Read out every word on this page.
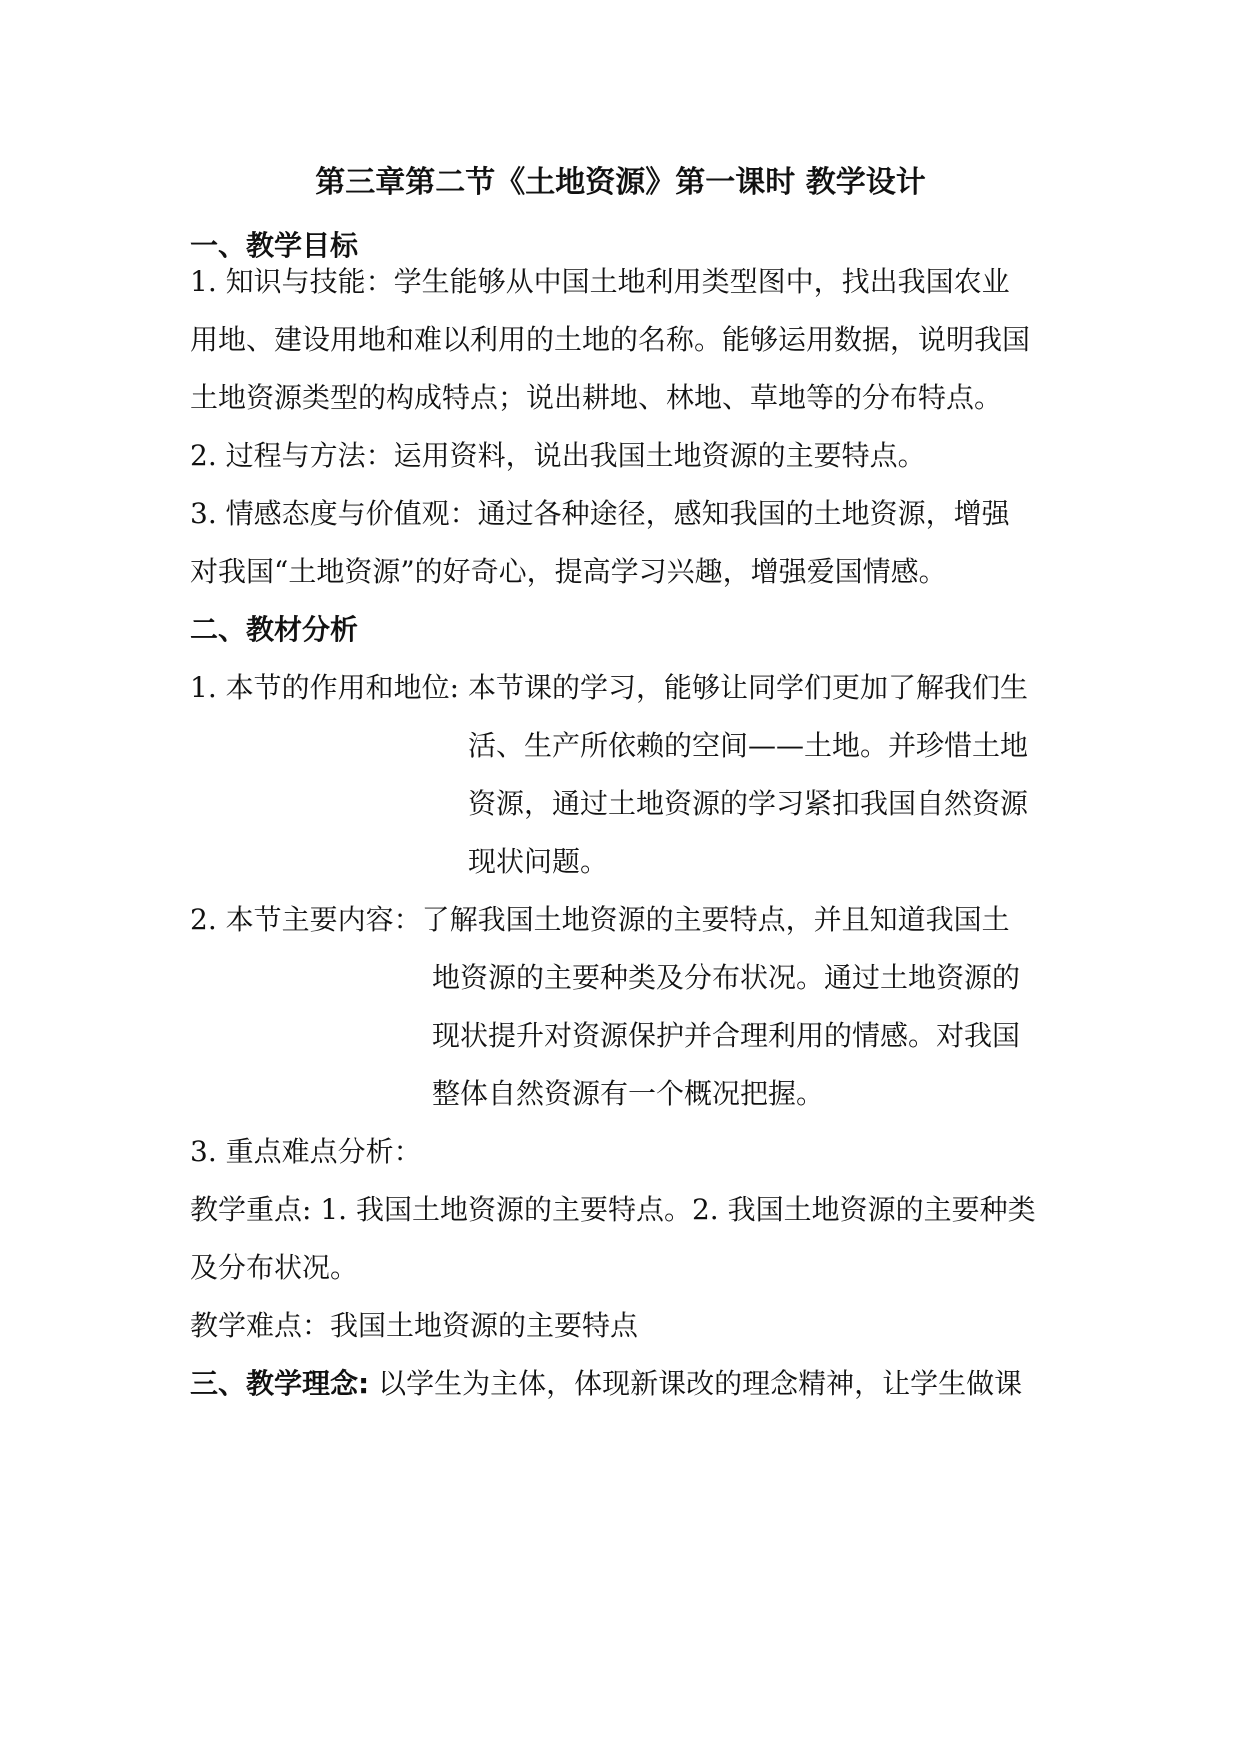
第三章第二节《土地资源》第一课时 教学设计
一、教学目标
1. 知识与技能：学生能够从中国土地利用类型图中，找出我国农业
用地、建设用地和难以利用的土地的名称。能够运用数据，说明我国
土地资源类型的构成特点；说出耕地、林地、草地等的分布特点。
2. 过程与方法：运用资料，说出我国土地资源的主要特点。
3. 情感态度与价值观：通过各种途径，感知我国的土地资源，增强
对我国“土地资源”的好奇心，提高学习兴趣，增强爱国情感。
二、教材分析
1. 本节的作用和地位: 本节课的学习，能够让同学们更加了解我们生
活、生产所依赖的空间——土地。并珍惜土地
资源，通过土地资源的学习紧扣我国自然资源
现状问题。
2. 本节主要内容：了解我国土地资源的主要特点，并且知道我国土
地资源的主要种类及分布状况。通过土地资源的
现状提升对资源保护并合理利用的情感。对我国
整体自然资源有一个概况把握。
3. 重点难点分析：
教学重点: 1. 我国土地资源的主要特点。2. 我国土地资源的主要种类
及分布状况。
教学难点：我国土地资源的主要特点
三、教学理念: 以学生为主体，体现新课改的理念精神，让学生做课
